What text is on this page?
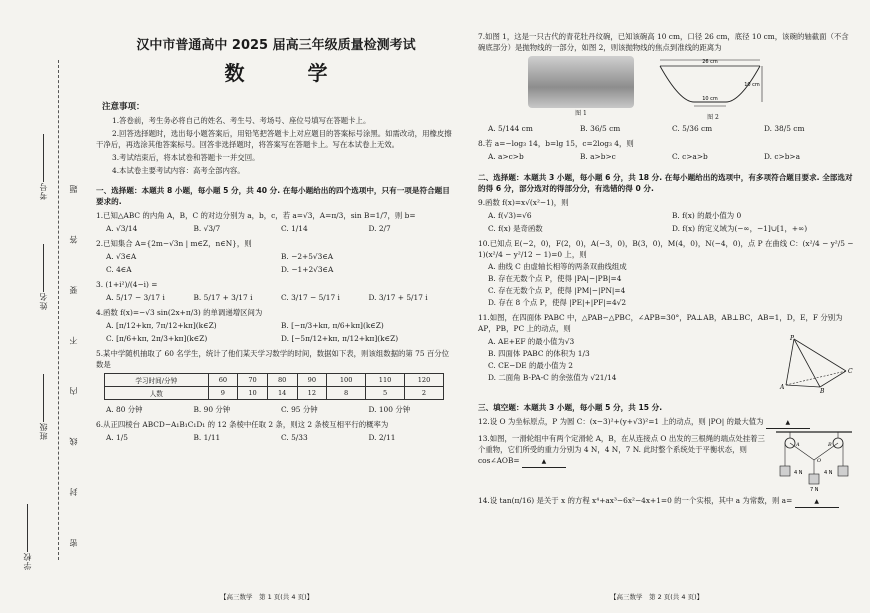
学校
班级
姓名
考号	密 封 线 内 不 要 答 题
汉中市普通高中 2025 届高三年级质量检测考试
数 学
注意事项：

1.答卷前，考生务必将自己的姓名、考生号、考场号、座位号填写在答题卡上。

2.回答选择题时，选出每小题答案后，用铅笔把答题卡上对应题目的答案标号涂黑。如需改动，用橡皮擦干净后，再选涂其他答案标号。回答非选择题时，将答案写在答题卡上。写在本试卷上无效。

3.考试结束后，将本试卷和答题卡一并交回。

4.本试卷主要考试内容：高考全部内容。

一、选择题：本题共 8 小题，每小题 5 分，共 40 分. 在每小题给出的四个选项中，只有一项是符合题目要求的.
1.已知△ABC 的内角 A，B，C 的对边分别为 a，b，c，若 a=√3，A=π/3，sin B=1/7，则 b=
A. √3/14	B. √3/7	C. 1/14	D. 2/7
2.已知集合 A={2m−√3n | m∈Z，n∈N}，则
A. √3∈A	B. −2+5√3∈A
C. 4∈A	D. −1+2√3∈A
3. (1+i²)/(4−i) =
A. 5/17 − 3/17 i	B. 5/17 + 3/17 i	C. 3/17 − 5/17 i	D. 3/17 + 5/17 i
4.函数 f(x)=−√3 sin(2x+π/3) 的单调递增区间为
A. [π/12+kπ, 7π/12+kπ](k∈Z)	B. [−π/3+kπ, π/6+kπ](k∈Z)
C. [π/6+kπ, 2π/3+kπ](k∈Z)	D. [−5π/12+kπ, π/12+kπ](k∈Z)
5.某中学随机抽取了 60 名学生，统计了他们某天学习数学的时间，数据如下表，则该组数据的第 75 百分位数是
学习时间/分钟	60	70	80	90	100	110	120
人数	9	10	14	12	8	5	2
A. 80 分钟	B. 90 分钟	C. 95 分钟	D. 100 分钟
6.从正四棱台 ABCD−A₁B₁C₁D₁ 的 12 条棱中任取 2 条，则这 2 条棱互相平行的概率为
A. 1/5	B. 1/11	C. 5/33	D. 2/11
【高三数学　第 1 页(共 4 页)】
7.如图 1，这是一只古代的青花牡丹纹碗，已知该碗高 10 cm，口径 26 cm，底径 10 cm，该碗的轴截面（不含碗底部分）是抛物线的一部分，如图 2，则该抛物线的焦点到准线的距离为
图 1
26 cm
10 cm
10 cm
图 2
A. 5/144 cm	B. 36/5 cm	C. 5/36 cm	D. 38/5 cm
8.若 a=−log₃ 14，b=lg 15，c=2log₃ 4，则
A. a>c>b	B. a>b>c	C. c>a>b	D. c>b>a
二、选择题：本题共 3 小题，每小题 6 分，共 18 分. 在每小题给出的选项中，有多项符合题目要求. 全部选对的得 6 分，部分选对的得部分分，有选错的得 0 分.
9.函数 f(x)=x√(x²−1)，则
A. f(√3)=√6	B. f(x) 的最小值为 0
C. f(x) 是奇函数	D. f(x) 的定义域为(−∞，−1]∪[1，+∞)
10.已知点 E(−2，0)，F(2，0)，A(−3，0)，B(3，0)，M(4，0)，N(−4，0)，点 P 在曲线 C：(x²/4 − y²/5 − 1)(x²/4 − y²/12 − 1)=0 上，则
A. 曲线 C 由虚轴长相等的两条双曲线组成
B. 存在无数个点 P，使得 |PA|−|PB|=4
C. 存在无数个点 P，使得 |PM|−|PN|=4
D. 存在 8 个点 P，使得 |PE|+|PF|=4√2
11.如图，在四面体 PABC 中，△PAB∽△PBC，∠APB=30°，PA⊥AB，AB⊥BC，AB=1，D，E，F 分别为 AP，PB，PC 上的动点，则
A. AE+EF 的最小值为√3
B. 四面体 PABC 的体积为 1/3
C. CE−DE 的最小值为 2
D. 二面角 B-PA-C 的余弦值为 √21/14
P
A
B
C
三、填空题：本题共 3 小题，每小题 5 分，共 15 分.
12.设 O 为坐标原点，P 为圆 C：(x−3)²+(y+√3)²=1 上的动点，则 |PO| 的最大值为	▲
13.如图，一滑轮组中有两个定滑轮 A，B，在从连接点 O 出发的三根绳的端点处挂着三个重物，它们所受的重力分别为 4 N，4 N，7 N. 此时整个系统处于平衡状态，则 cos∠AOB=	▲
4 N	4 N
7 N
A	B
O
14.设 tan(π/16) 是关于 x 的方程 x⁴+ax³−6x²−4x+1=0 的一个实根，其中 a 为常数，则 a=	▲
【高三数学　第 2 页(共 4 页)】
